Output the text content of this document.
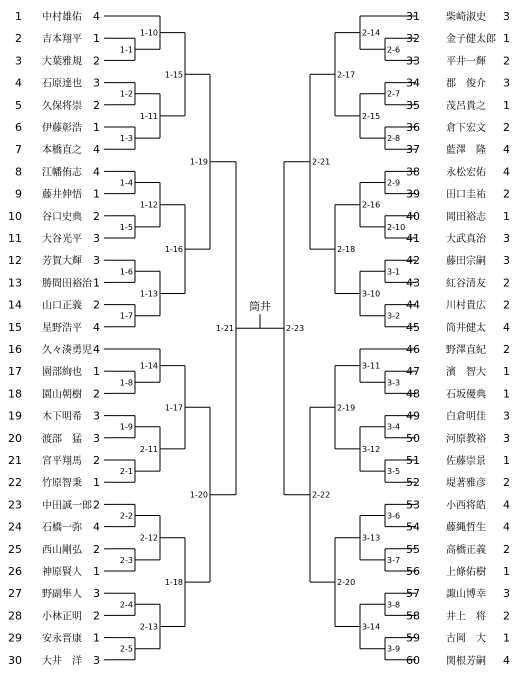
1 中村雄佑 4
2 吉本翔平 1
3 大葉雅規 2
4 石原達也 3
5 久保将崇 2
6 伊藤彰浩 1
7 本橋直之 4
8 江幡侑志 4
9 藤井伸悟 1
10 谷口史典 2
11 大谷光平 3
12 芳賀大輝 3
13 勝間田裕治 1
14 山口正義 2
15 星野浩平 4
16 久々湊勇児 4
17 園部絢也 1
18 園山朝樹 2
19 木下明希 3
20 渡部　猛 3
21 宮平翔馬 2
22 竹原智秉 1
23 中田誠一郎 2
24 石橋一弥 4
25 西山剛弘 2
26 神原賢人 1
27 野副隼人 3
28 小林正明 2
29 安永晋康 1
30 大井　洋 3
1-1
1-10
1-2
1-3
1-11
1-15
1-4
1-5
1-12
1-6
1-7
1-13
1-16
1-8
1-14
1-9
2-1
2-11
1-17
2-2
2-3
2-12
2-4
2-5
2-13
1-18
1-19
1-20
1-21
31	柴崎淑史 3
32	金子健太郎 1
33	平井一輝 2
34	郡　俊介 3
35	茂呂貴之 1
36	倉下宏文 2
37	藍澤　隆 4
38	永松宏佑 4
39	田口圭祐 2
40	岡田裕志 1
41	大武真治 3
42	藤田宗嗣 3
43	紅谷清友 2
44	川村貴広 2
45	筒井健太 4
46	野澤直紀 2
47	濱　智大 1
48	石坂優典 1
49	白倉明佳 3
50	河原教裕 3
51	佐藤崇景 1
52	堤著雅彦 2
53	小西将皓 4
54	藤縄哲生 4
55	高橋正義 2
56	上條佑樹 1
57	諏山博幸 3
58	井上　将 2
59	古岡　大 1
60	関根芳嗣 4
2-6
2-14
2-7
2-8
2-15
2-17
2-9
2-10
2-16
3-1
3-2
3-10
2-18
3-3
3-11
3-4
3-5
3-12
2-19
3-6
3-7
3-13
3-8
3-9
3-14
2-20
2-21
2-22
2-23
筒井
